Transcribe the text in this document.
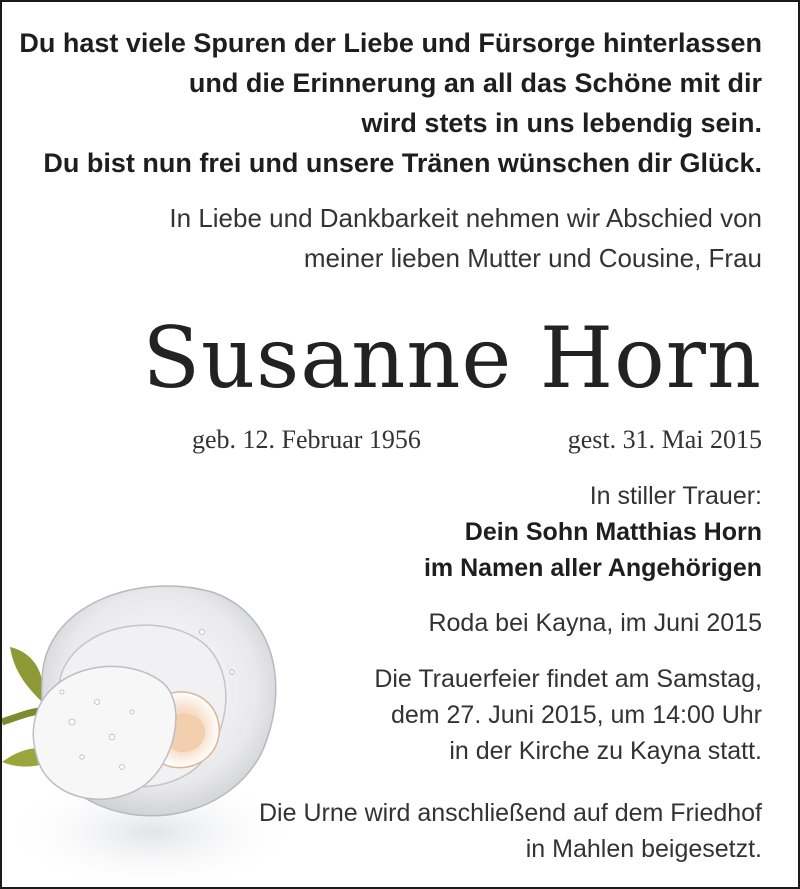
Du hast viele Spuren der Liebe und Fürsorge hinterlassen

und die Erinnerung an all das Schöne mit dir

wird stets in uns lebendig sein.

Du bist nun frei und unsere Tränen wünschen dir Glück.

In Liebe und Dankbarkeit nehmen wir Abschied von

meiner lieben Mutter und Cousine, Frau

Susanne Horn

geb. 12. Februar 1956	gest. 31. Mai 2015

In stiller Trauer:

Dein Sohn Matthias Horn

im Namen aller Angehörigen

Roda bei Kayna, im Juni 2015

Die Trauerfeier findet am Samstag,

dem 27. Juni 2015, um 14:00 Uhr

in der Kirche zu Kayna statt.

Die Urne wird anschließend auf dem Friedhof

in Mahlen beigesetzt.
